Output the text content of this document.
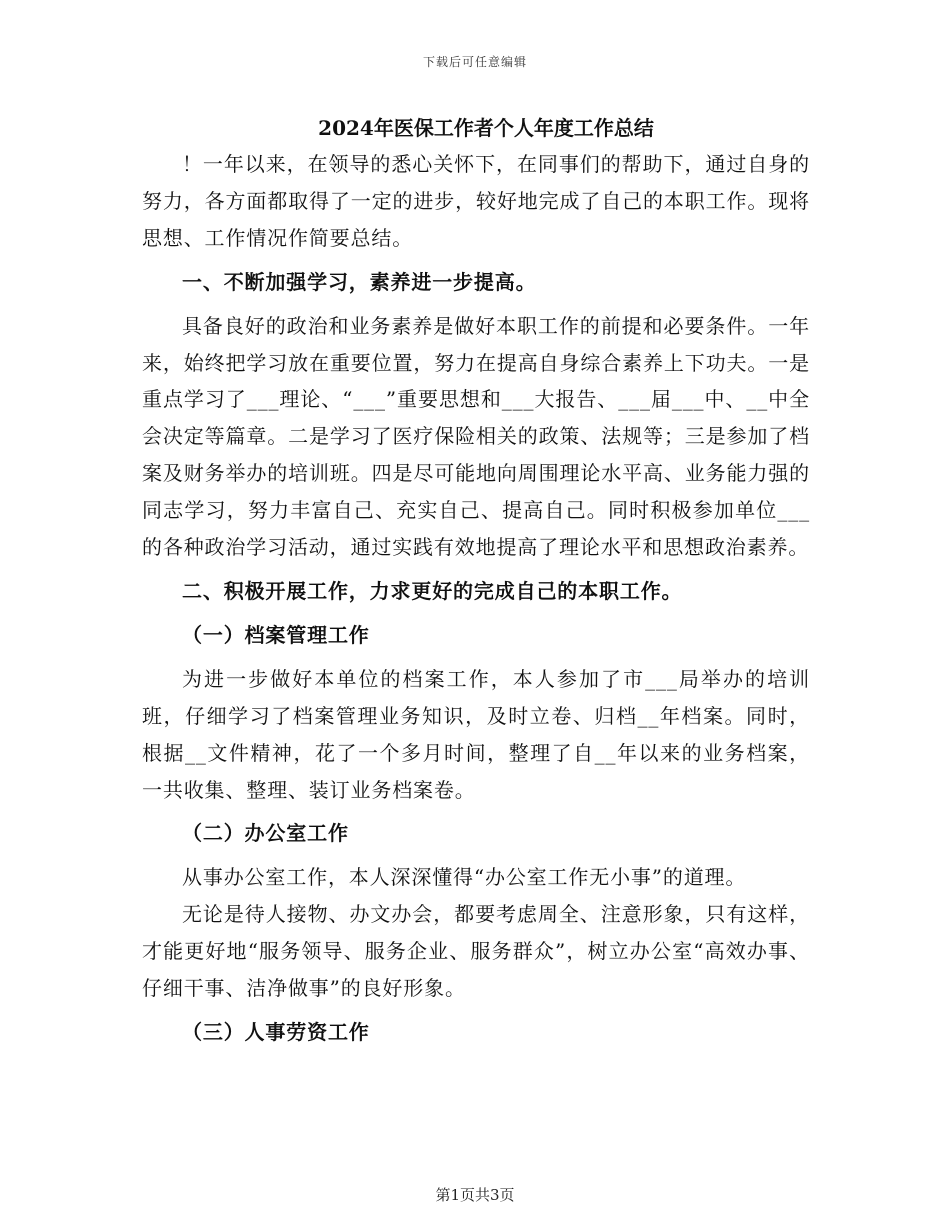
下载后可任意编辑
2024年医保工作者个人年度工作总结

！一年以来，在领导的悉心关怀下，在同事们的帮助下，通过自身的努力，各方面都取得了一定的进步，较好地完成了自己的本职工作。现将思想、工作情况作简要总结。

一、不断加强学习，素养进一步提高。

具备良好的政治和业务素养是做好本职工作的前提和必要条件。一年来，始终把学习放在重要位置，努力在提高自身综合素养上下功夫。一是重点学习了___理论、“___”重要思想和___大报告、___届___中、__中全会决定等篇章。二是学习了医疗保险相关的政策、法规等；三是参加了档案及财务举办的培训班。四是尽可能地向周围理论水平高、业务能力强的同志学习，努力丰富自己、充实自己、提高自己。同时积极参加单位___的各种政治学习活动，通过实践有效地提高了理论水平和思想政治素养。

二、积极开展工作，力求更好的完成自己的本职工作。

（一）档案管理工作

为进一步做好本单位的档案工作，本人参加了市___局举办的培训班，仔细学习了档案管理业务知识，及时立卷、归档__年档案。同时，根据__文件精神，花了一个多月时间，整理了自__年以来的业务档案，一共收集、整理、装订业务档案卷。

（二）办公室工作

从事办公室工作，本人深深懂得“办公室工作无小事”的道理。

无论是待人接物、办文办会，都要考虑周全、注意形象，只有这样，才能更好地“服务领导、服务企业、服务群众”，树立办公室“高效办事、仔细干事、洁净做事”的良好形象。

（三）人事劳资工作

第1页共3页
